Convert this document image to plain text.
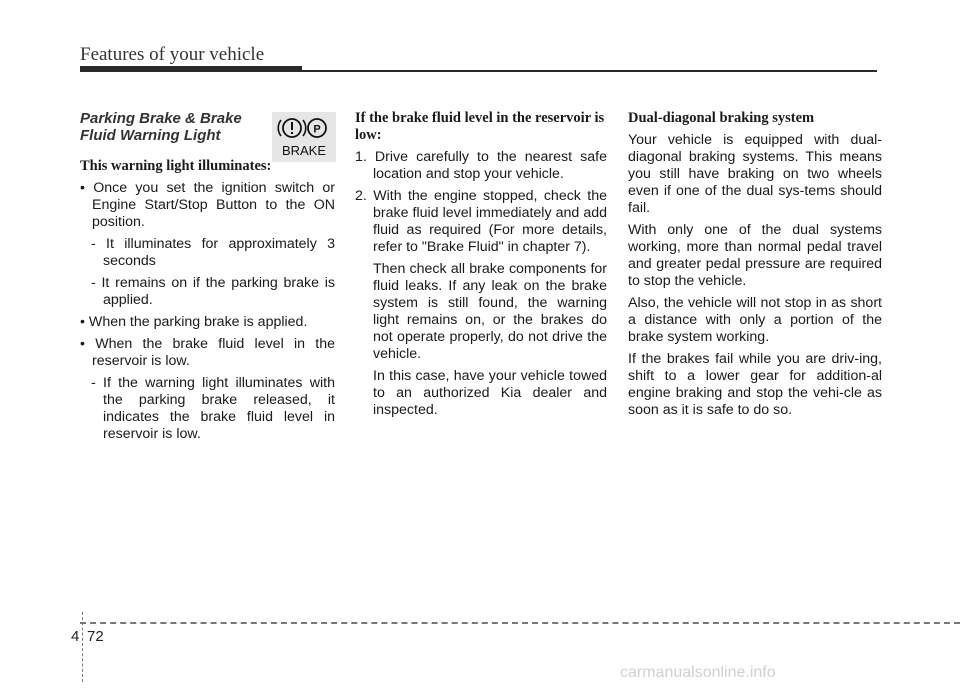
Features of your vehicle
P
BRAKE
Parking Brake & Brake Fluid Warning Light

This warning light illuminates:

• Once you set the ignition switch or Engine Start/Stop Button to the ON position.

- It illuminates for approximately 3 seconds

- It remains on if the parking brake is applied.

• When the parking brake is applied.

• When the brake fluid level in the reservoir is low.

- If the warning light illuminates with the parking brake released, it indicates the brake fluid level in reservoir is low.

If the brake fluid level in the reservoir is low:

1. Drive carefully to the nearest safe location and stop your vehicle.

2. With the engine stopped, check the brake fluid level immediately and add fluid as required (For more details, refer to "Brake Fluid" in chapter 7).

Then check all brake components for fluid leaks. If any leak on the brake system is still found, the warning light remains on, or the brakes do not operate properly, do not drive the vehicle.

In this case, have your vehicle towed to an authorized Kia dealer and inspected.

Dual-diagonal braking system

Your vehicle is equipped with dual-diagonal braking systems. This means you still have braking on two wheels even if one of the dual sys-tems should fail.

With only one of the dual systems working, more than normal pedal travel and greater pedal pressure are required to stop the vehicle.

Also, the vehicle will not stop in as short a distance with only a portion of the brake system working.

If the brakes fail while you are driv-ing, shift to a lower gear for addition-al engine braking and stop the vehi-cle as soon as it is safe to do so.

4 72
carmanualsonline.info
